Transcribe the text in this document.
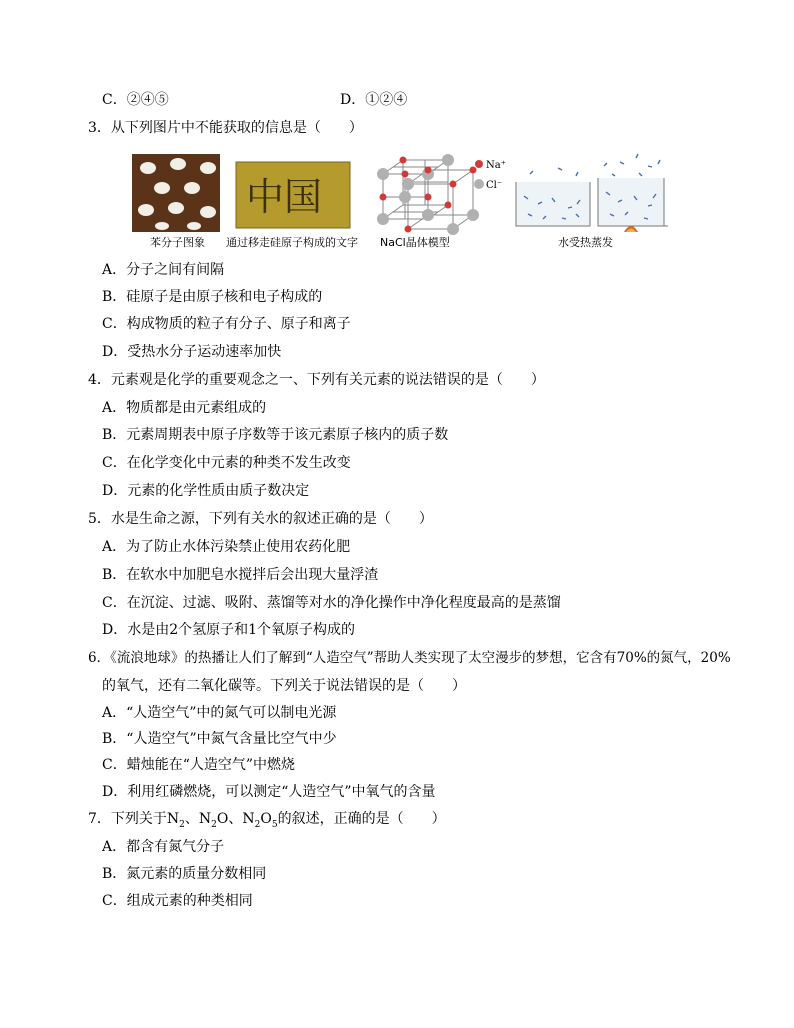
C．②④⑤	D．①②④
3．从下列图片中不能获取的信息是（　　）
中国
Na⁺
Cl⁻
苯分子图象 通过移走硅原子构成的文字 NaCl晶体模型	水受热蒸发
A．分子之间有间隔
B．硅原子是由原子核和电子构成的
C．构成物质的粒子有分子、原子和离子
D．受热水分子运动速率加快
4．元素观是化学的重要观念之一、下列有关元素的说法错误的是（　　）
A．物质都是由元素组成的
B．元素周期表中原子序数等于该元素原子核内的质子数
C．在化学变化中元素的种类不发生改变
D．元素的化学性质由质子数决定
5．水是生命之源，下列有关水的叙述正确的是（　　）
A．为了防止水体污染禁止使用农药化肥
B．在软水中加肥皂水搅拌后会出现大量浮渣
C．在沉淀、过滤、吸附、蒸馏等对水的净化操作中净化程度最高的是蒸馏
D．水是由2个氢原子和1个氧原子构成的
6．《流浪地球》的热播让人们了解到“人造空气”帮助人类实现了太空漫步的梦想，它含有70%的氮气，20%
的氧气，还有二氧化碳等。下列关于说法错误的是（　　）
A．“人造空气”中的氮气可以制电光源
B．“人造空气”中氮气含量比空气中少
C．蜡烛能在“人造空气”中燃烧
D．利用红磷燃烧，可以测定“人造空气”中氧气的含量
7．下列关于$N_2$、$N_2O$、$N_2O_5$的叙述，正确的是（　　）
A．都含有氮气分子
B．氮元素的质量分数相同
C．组成元素的种类相同
